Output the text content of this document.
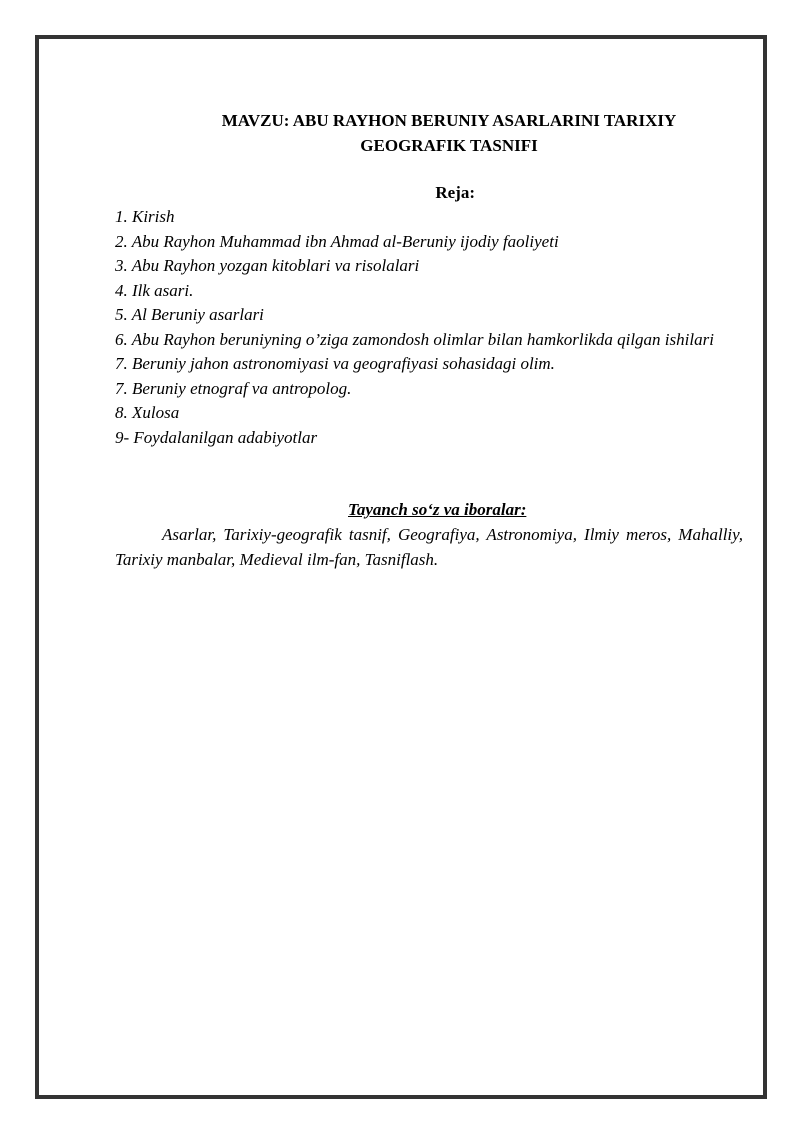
MAVZU: ABU RAYHON BERUNIY ASARLARINI TARIXIY
GEOGRAFIK TASNIFI
Reja:
1. Kirish
2. Abu Rayhon Muhammad ibn Ahmad al-Beruniy ijodiy faoliyeti
3. Abu Rayhon yozgan kitoblari va risolalari
4. Ilk asari.
5. Al Beruniy asarlari
6. Abu Rayhon beruniyning o’ziga zamondosh olimlar bilan hamkorlikda qilgan ishilari
7. Beruniy jahon astronomiyasi va geografiyasi sohasidagi olim.
7. Beruniy etnograf va antropolog.
8. Xulosa
9- Foydalanilgan adabiyotlar
Tayanch so‘z va iboralar:

Asarlar, Tarixiy-geografik tasnif, Geografiya, Astronomiya, Ilmiy meros, Mahalliy, Tarixiy manbalar, Medieval ilm-fan, Tasniflash.
